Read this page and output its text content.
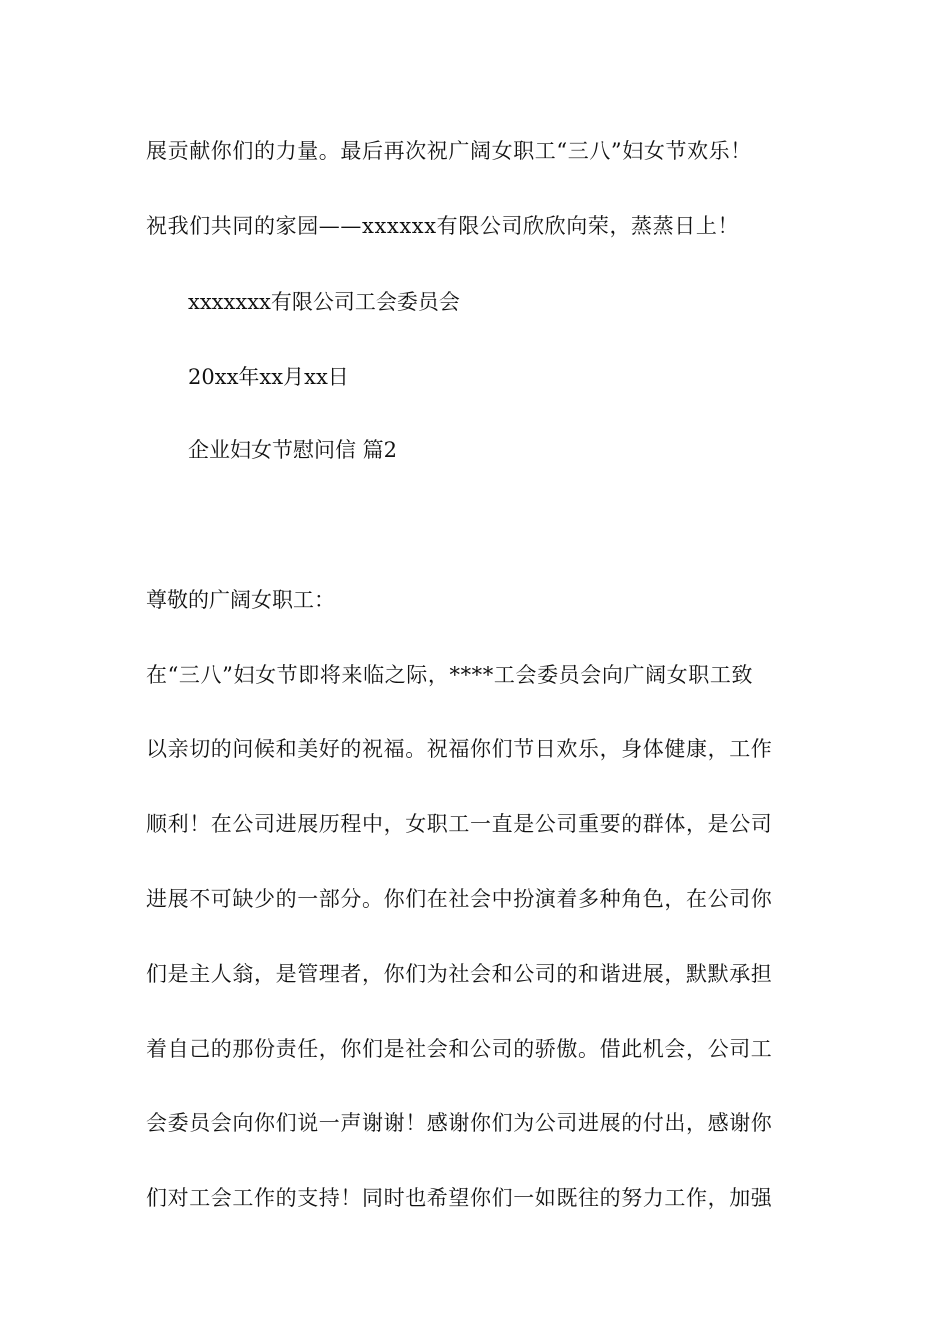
展贡献你们的力量。最后再次祝广阔女职工“三八”妇女节欢乐！

祝我们共同的家园——xxxxxx有限公司欣欣向荣，蒸蒸日上！

xxxxxxx有限公司工会委员会

20xx年xx月xx日

企业妇女节慰问信 篇2

尊敬的广阔女职工：

在“三八”妇女节即将来临之际，****工会委员会向广阔女职工致

以亲切的问候和美好的祝福。祝福你们节日欢乐，身体健康，工作

顺利！在公司进展历程中，女职工一直是公司重要的群体，是公司

进展不可缺少的一部分。你们在社会中扮演着多种角色，在公司你

们是主人翁，是管理者，你们为社会和公司的和谐进展，默默承担

着自己的那份责任，你们是社会和公司的骄傲。借此机会，公司工

会委员会向你们说一声谢谢！感谢你们为公司进展的付出，感谢你

们对工会工作的支持！同时也希望你们一如既往的努力工作，加强
